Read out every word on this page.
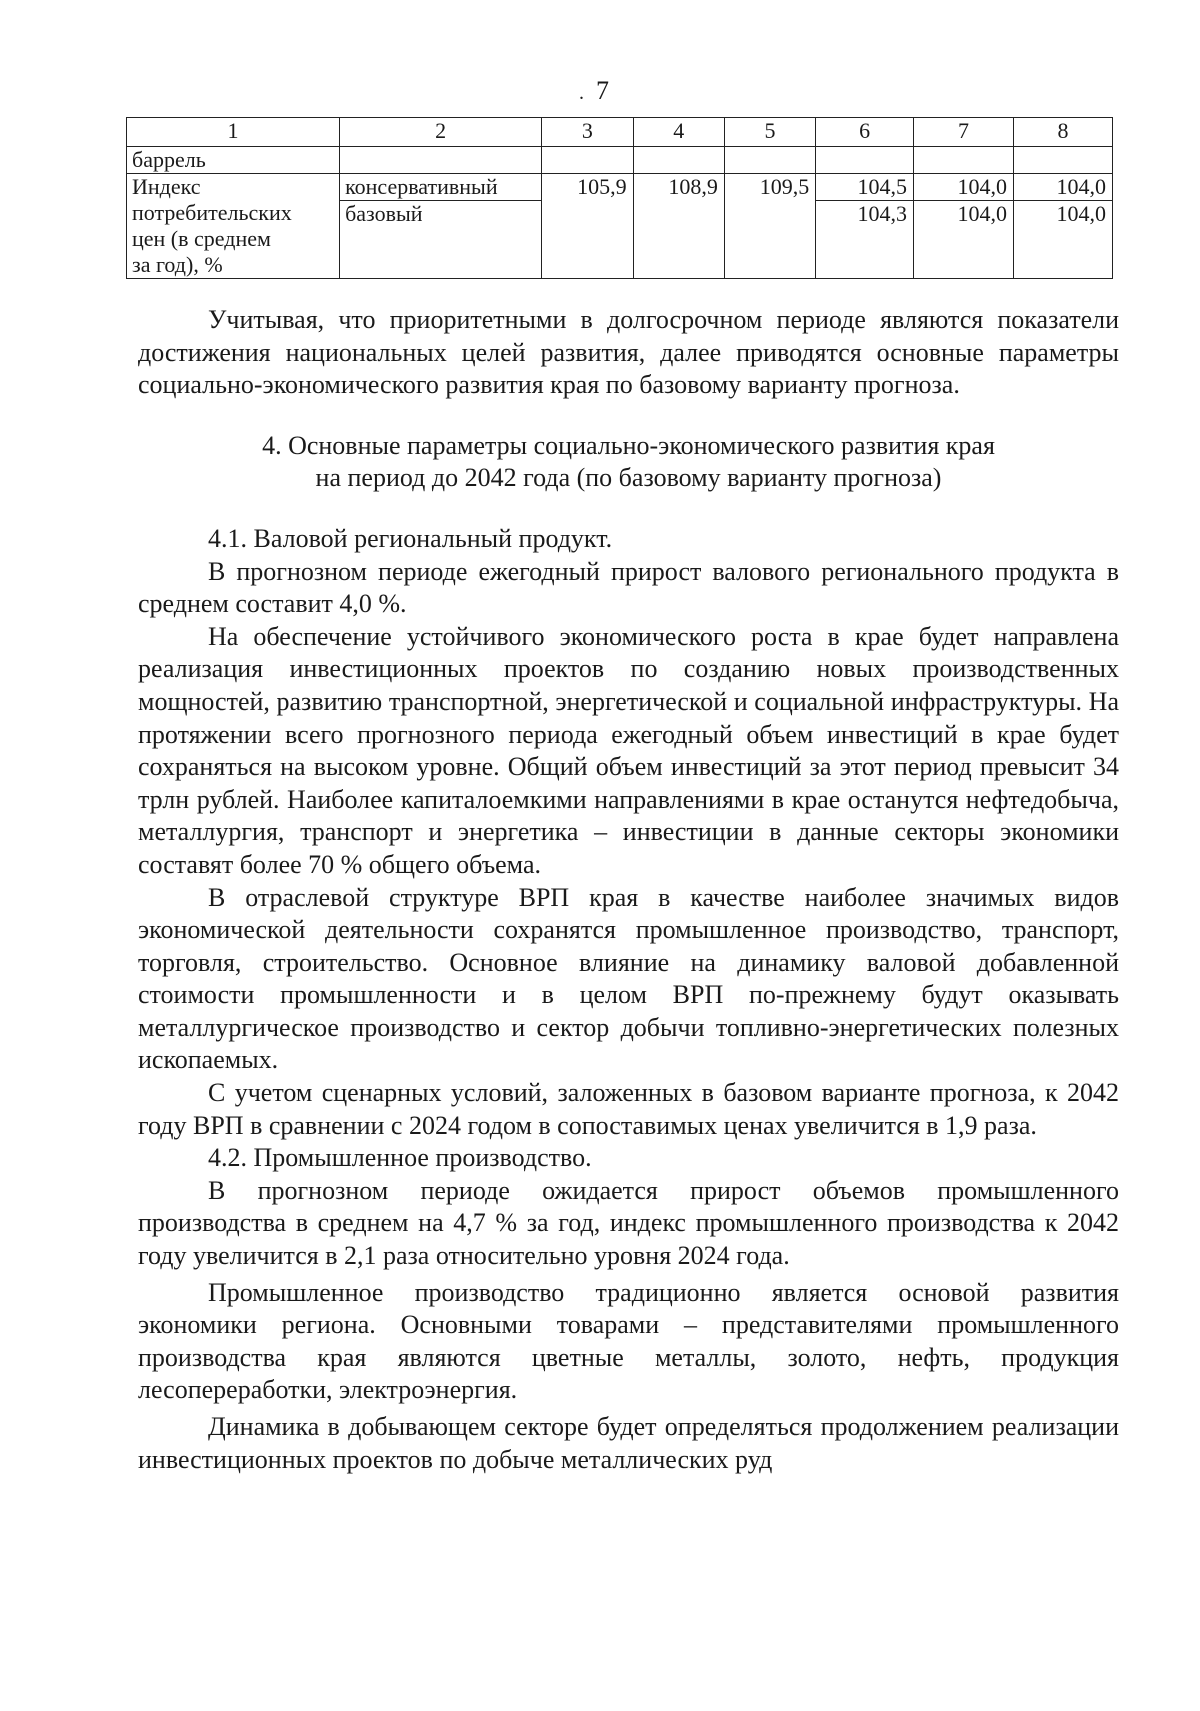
. 7
1	2	3	4	5	6	7	8
баррель							

Индекс
потребительских
цен (в среднем
за год), %	консервативный	105,9	108,9	109,5	104,5	104,0	104,0
	базовый				104,3	104,0	104,0

Учитывая, что приоритетными в долгосрочном периоде являются показатели достижения национальных целей развития, далее приводятся основные параметры социально-экономического развития края по базовому варианту прогноза.

4. Основные параметры социально-экономического развития края
на период до 2042 года (по базовому варианту прогноза)

4.1. Валовой региональный продукт.

В прогнозном периоде ежегодный прирост валового регионального продукта в среднем составит 4,0 %.

На обеспечение устойчивого экономического роста в крае будет направлена реализация инвестиционных проектов по созданию новых производственных мощностей, развитию транспортной, энергетической и социальной инфраструктуры. На протяжении всего прогнозного периода ежегодный объем инвестиций в крае будет сохраняться на высоком уровне. Общий объем инвестиций за этот период превысит 34 трлн рублей. Наиболее капиталоемкими направлениями в крае останутся нефтедобыча, металлургия, транспорт и энергетика – инвестиции в данные секторы экономики составят более 70 % общего объема.

В отраслевой структуре ВРП края в качестве наиболее значимых видов экономической деятельности сохранятся промышленное производство, транспорт, торговля, строительство. Основное влияние на динамику валовой добавленной стоимости промышленности и в целом ВРП по-прежнему будут оказывать металлургическое производство и сектор добычи топливно-энергетических полезных ископаемых.

С учетом сценарных условий, заложенных в базовом варианте прогноза, к 2042 году ВРП в сравнении с 2024 годом в сопоставимых ценах увеличится в 1,9 раза.

4.2. Промышленное производство.

В прогнозном периоде ожидается прирост объемов промышленного производства в среднем на 4,7 % за год, индекс промышленного производства к 2042 году увеличится в 2,1 раза относительно уровня 2024 года.

Промышленное производство традиционно является основой развития экономики региона. Основными товарами – представителями промышленного производства края являются цветные металлы, золото, нефть, продукция лесопереработки, электроэнергия.

Динамика в добывающем секторе будет определяться продолжением реализации инвестиционных проектов по добыче металлических руд
